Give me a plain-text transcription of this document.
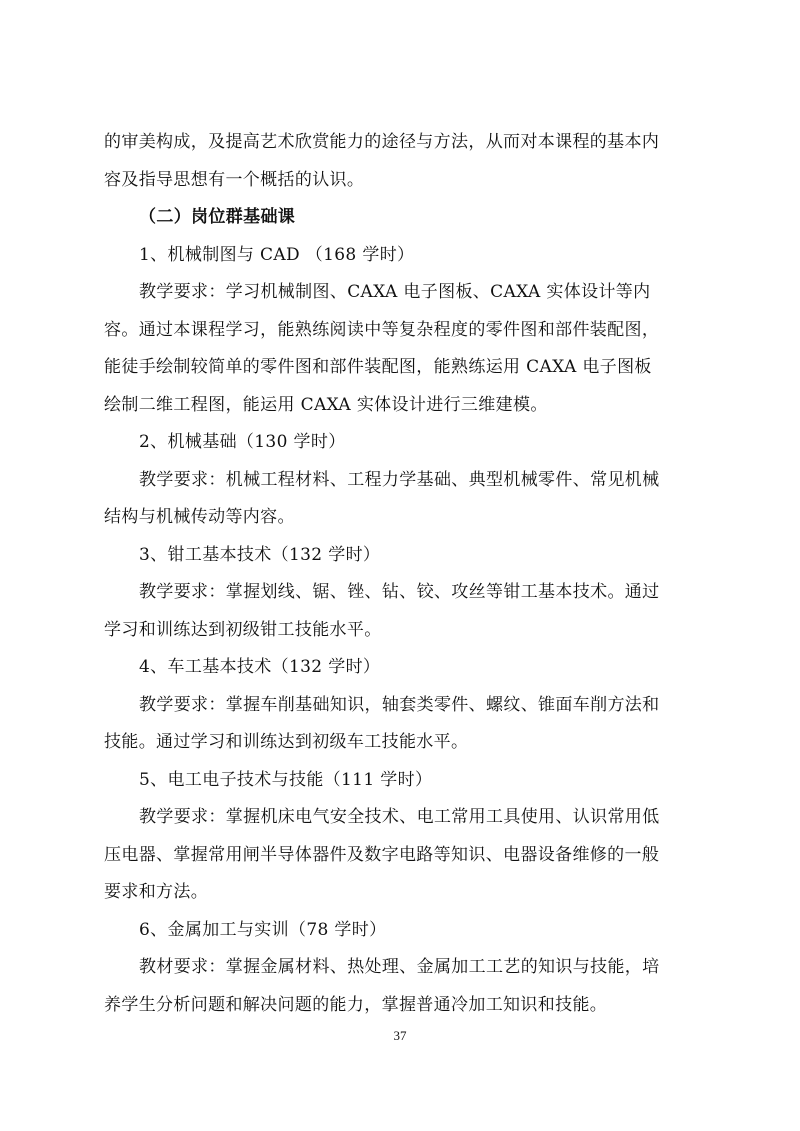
的审美构成，及提高艺术欣赏能力的途径与方法，从而对本课程的基本内
容及指导思想有一个概括的认识。
（二）岗位群基础课
1、机械制图与 CAD （168 学时）
教学要求：学习机械制图、CAXA 电子图板、CAXA 实体设计等内
容。通过本课程学习，能熟练阅读中等复杂程度的零件图和部件装配图，
能徒手绘制较简单的零件图和部件装配图，能熟练运用 CAXA 电子图板
绘制二维工程图，能运用 CAXA 实体设计进行三维建模。
2、机械基础（130 学时）
教学要求：机械工程材料、工程力学基础、典型机械零件、常见机械
结构与机械传动等内容。
3、钳工基本技术（132 学时）
教学要求：掌握划线、锯、锉、钻、铰、攻丝等钳工基本技术。通过
学习和训练达到初级钳工技能水平。
4、车工基本技术（132 学时）
教学要求：掌握车削基础知识，轴套类零件、螺纹、锥面车削方法和
技能。通过学习和训练达到初级车工技能水平。
5、电工电子技术与技能（111 学时）
教学要求：掌握机床电气安全技术、电工常用工具使用、认识常用低
压电器、掌握常用闸半导体器件及数字电路等知识、电器设备维修的一般
要求和方法。
6、金属加工与实训（78 学时）
教材要求：掌握金属材料、热处理、金属加工工艺的知识与技能，培
养学生分析问题和解决问题的能力，掌握普通冷加工知识和技能。
37
